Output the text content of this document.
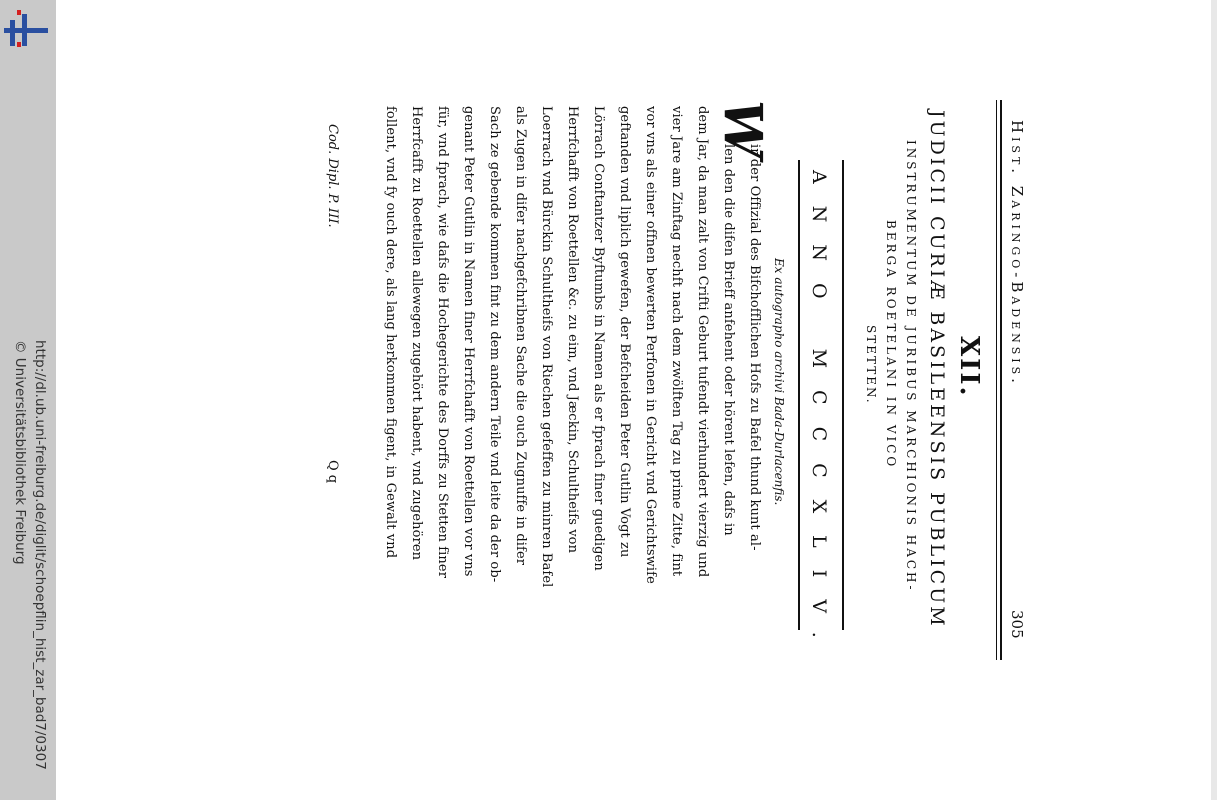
http://dl.ub.uni-freiburg.de/diglit/schoepflin_hist_zar_bad7/0307
© Universitätsbibliothek Freiburg
Hist. Zaringo-Badensis.
305
XII.
JUDICII CURIÆ BASILEENSIS PUBLICUM
INSTRUMENTUM DE JURIBUS MARCHIONIS HACH-
BERGA ROETELANI IN VICO
STETTEN.
ANNO MCCCXLIV.
Ex autographo archivi Bada-Durlacenfis.
W
ir der Offizial des Bifchofflichen Hofs zu Bafel thund kunt al-
len den die difen Brieff anfehent oder hörent lefen, dafs in
dem Jar, da man zalt von Crifti Geburt tufendt vierhundert vierzig und
vier Jare am Zinftag nechft nach dem zwölften Tag zu prime Zitte, fint
vor vns als einer offnen bewerten Perfonen in Gericht vnd Gerichtswife
geftanden vnd liplich gewefen, der Befcheiden Peter Gutlin Vogt zu
Lörrach Conftantzer Byftumbs in Namen als er fprach finer guedigen
Herrfchafft von Roettellen &c. zu eim, vnd Jæckin, Schultheifs von
Loerrach vnd Bürckin Schultheifs von Riechen gefeffen zu minren Bafel
als Zugen in difer nachgefchribnen Sache die ouch Zugnuffe in difer
Sach ze gebende kommen fint zu dem andern Teile vnd leite da der ob-
genant Peter Gutlin in Namen finer Herrfchafft von Roettellen vor vns
für, vnd fprach, wie dafs die Hochegerichte des Dorffs zu Stetten finer
Herrfcafft zu Roettellen allewegen zugehört habent, vnd zugehören
follent, vnd fy ouch dere, als lang herkommen figent, in Gewalt vnd
Cod. Dipl. P. III.
Q q
